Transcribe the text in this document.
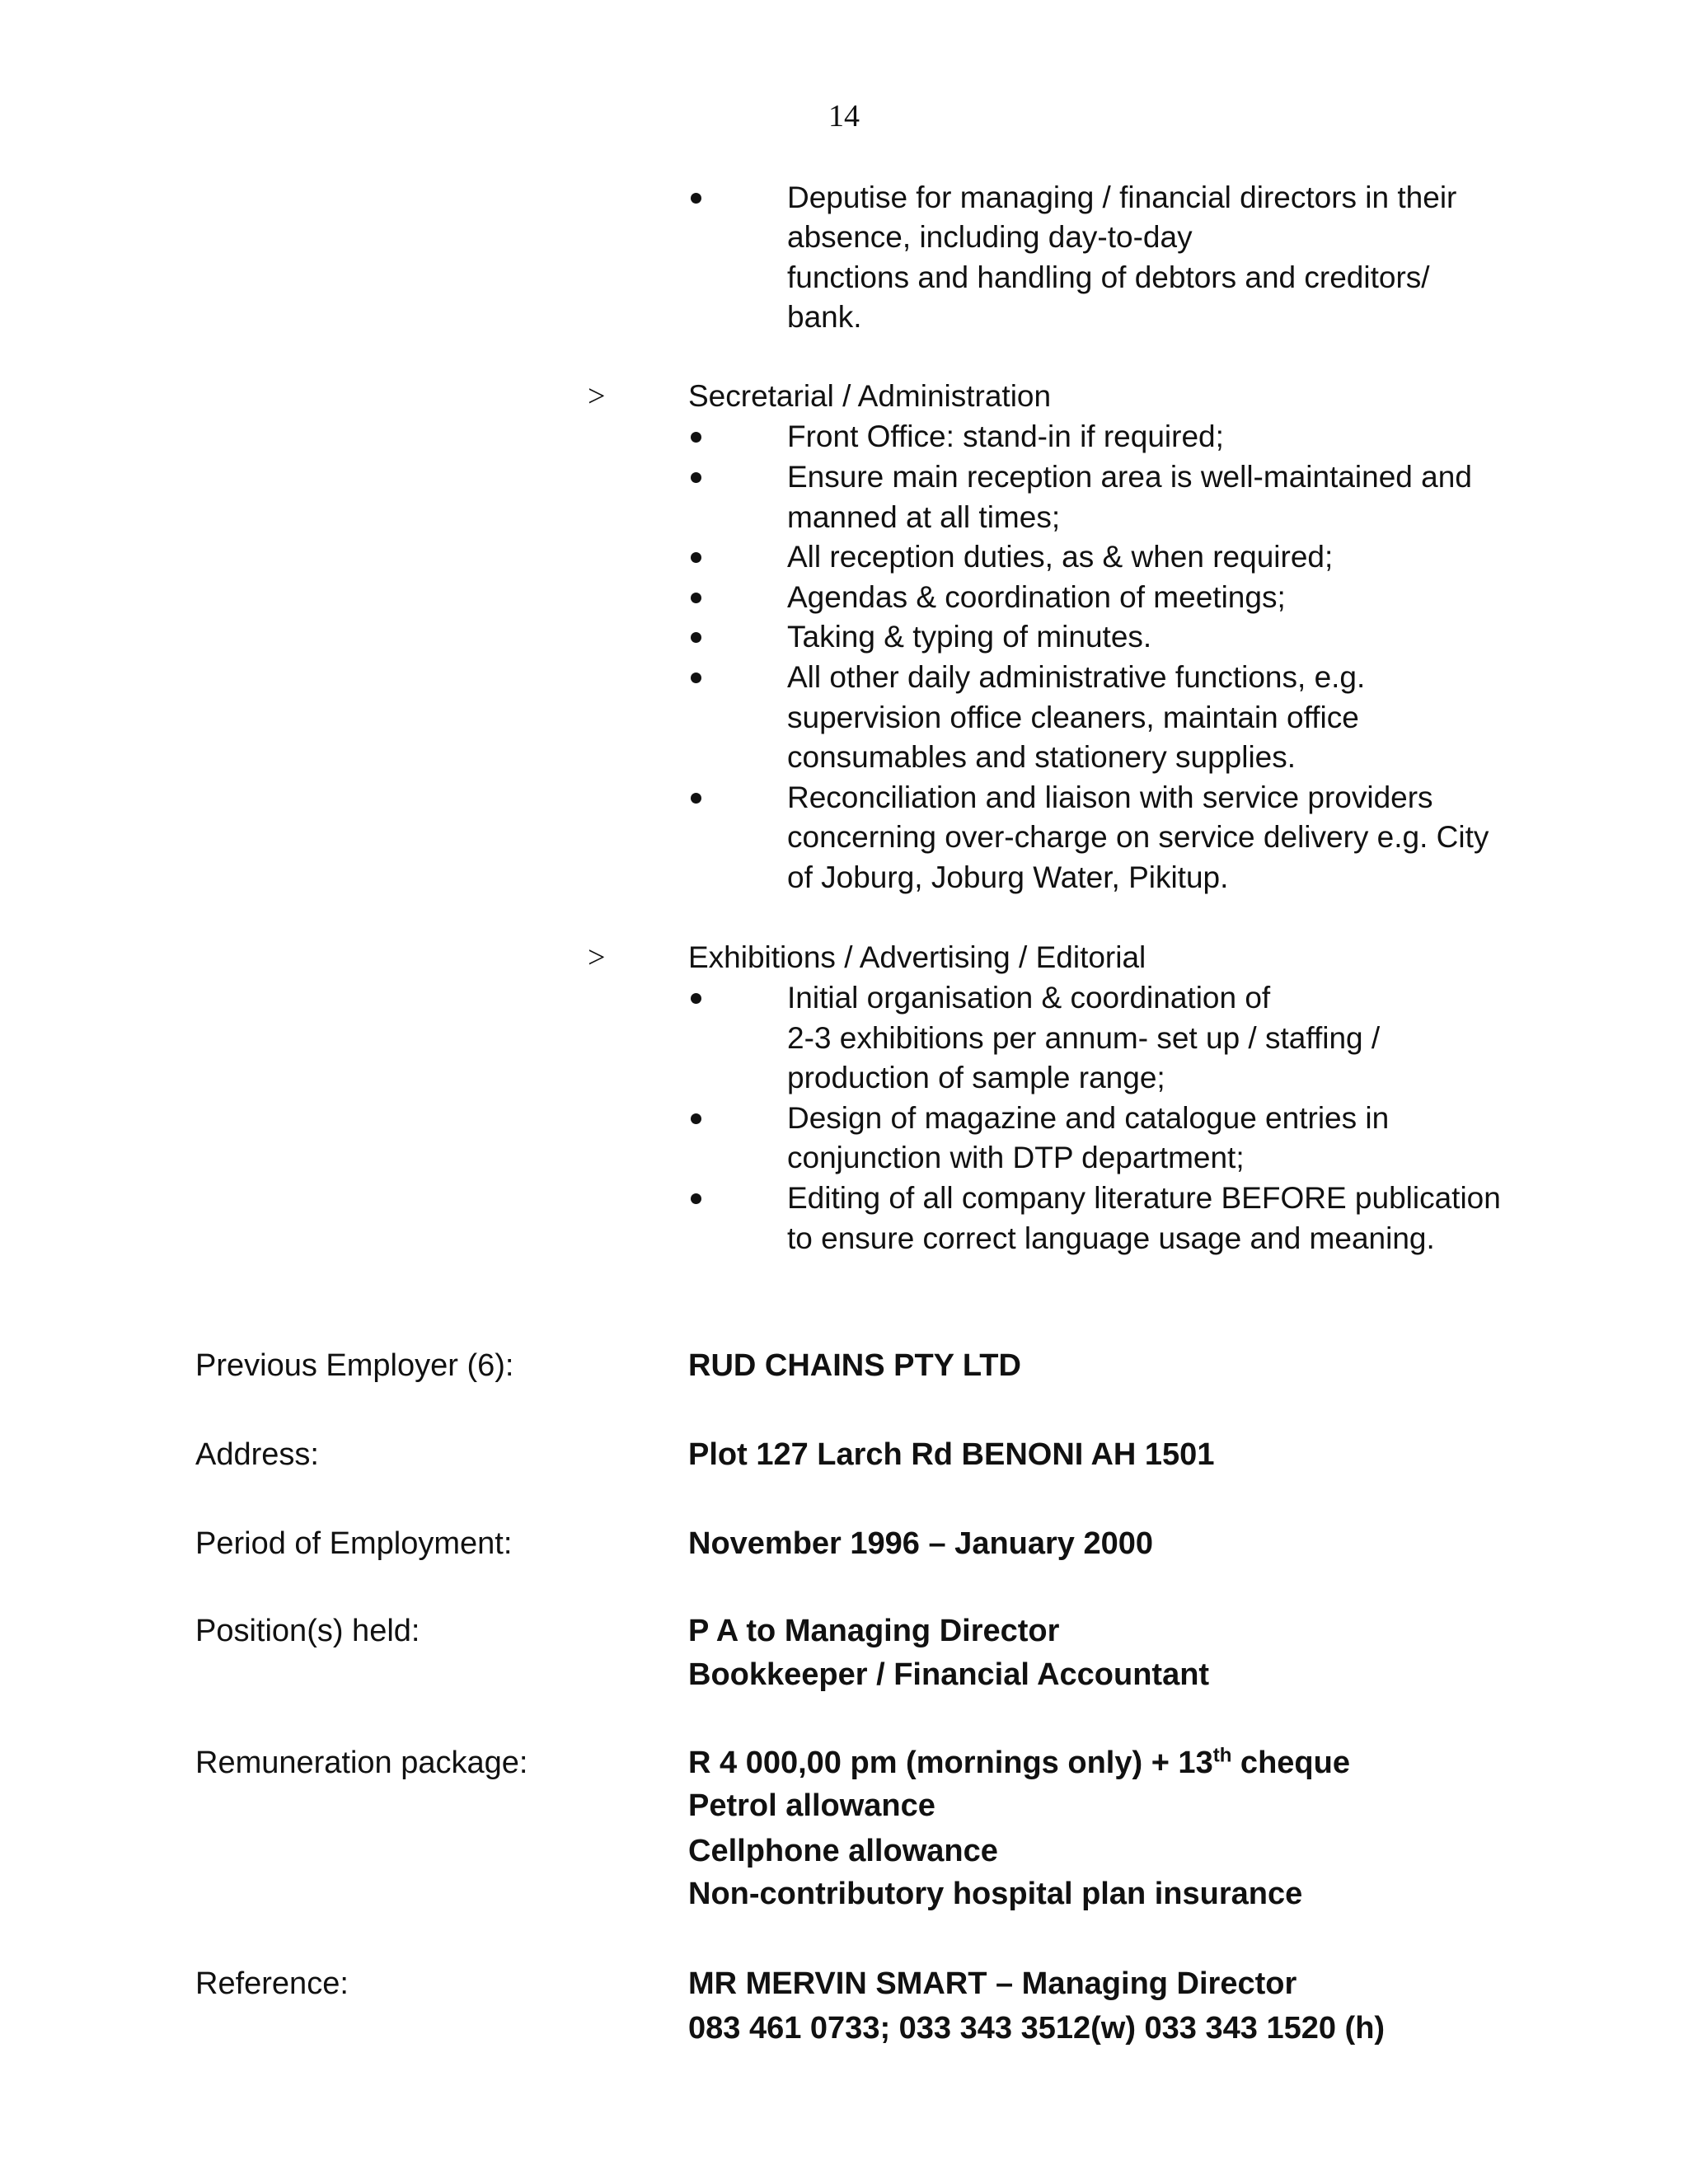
14
Deputise for managing / financial directors in their
absence, including day-to-day
functions and handling of debtors and creditors/
bank.
>	Secretarial / Administration
Front Office: stand-in if required;
Ensure main reception area is well-maintained and
manned at all times;
All reception duties, as & when required;
Agendas & coordination of meetings;
Taking & typing of minutes.
All other daily administrative functions, e.g.
supervision office cleaners, maintain office
consumables and stationery supplies.
Reconciliation and liaison with service providers
concerning over-charge on service delivery e.g. City
of Joburg, Joburg Water, Pikitup.
>	Exhibitions / Advertising / Editorial
Initial organisation & coordination of
2-3 exhibitions per annum- set up / staffing /
production of sample range;
Design of magazine and catalogue entries in
conjunction with DTP department;
Editing of all company literature BEFORE publication
to ensure correct language usage and meaning.
Previous Employer (6):	RUD CHAINS PTY LTD
Address:	Plot 127 Larch Rd BENONI AH 1501
Period of Employment:	November 1996 – January 2000
Position(s) held:	P A to Managing Director
Bookkeeper / Financial Accountant
Remuneration package:	R 4 000,00 pm (mornings only) + 13th cheque
Petrol allowance
Cellphone allowance
Non-contributory hospital plan insurance
Reference:	MR MERVIN SMART – Managing Director
083 461 0733; 033 343 3512(w) 033 343 1520 (h)
